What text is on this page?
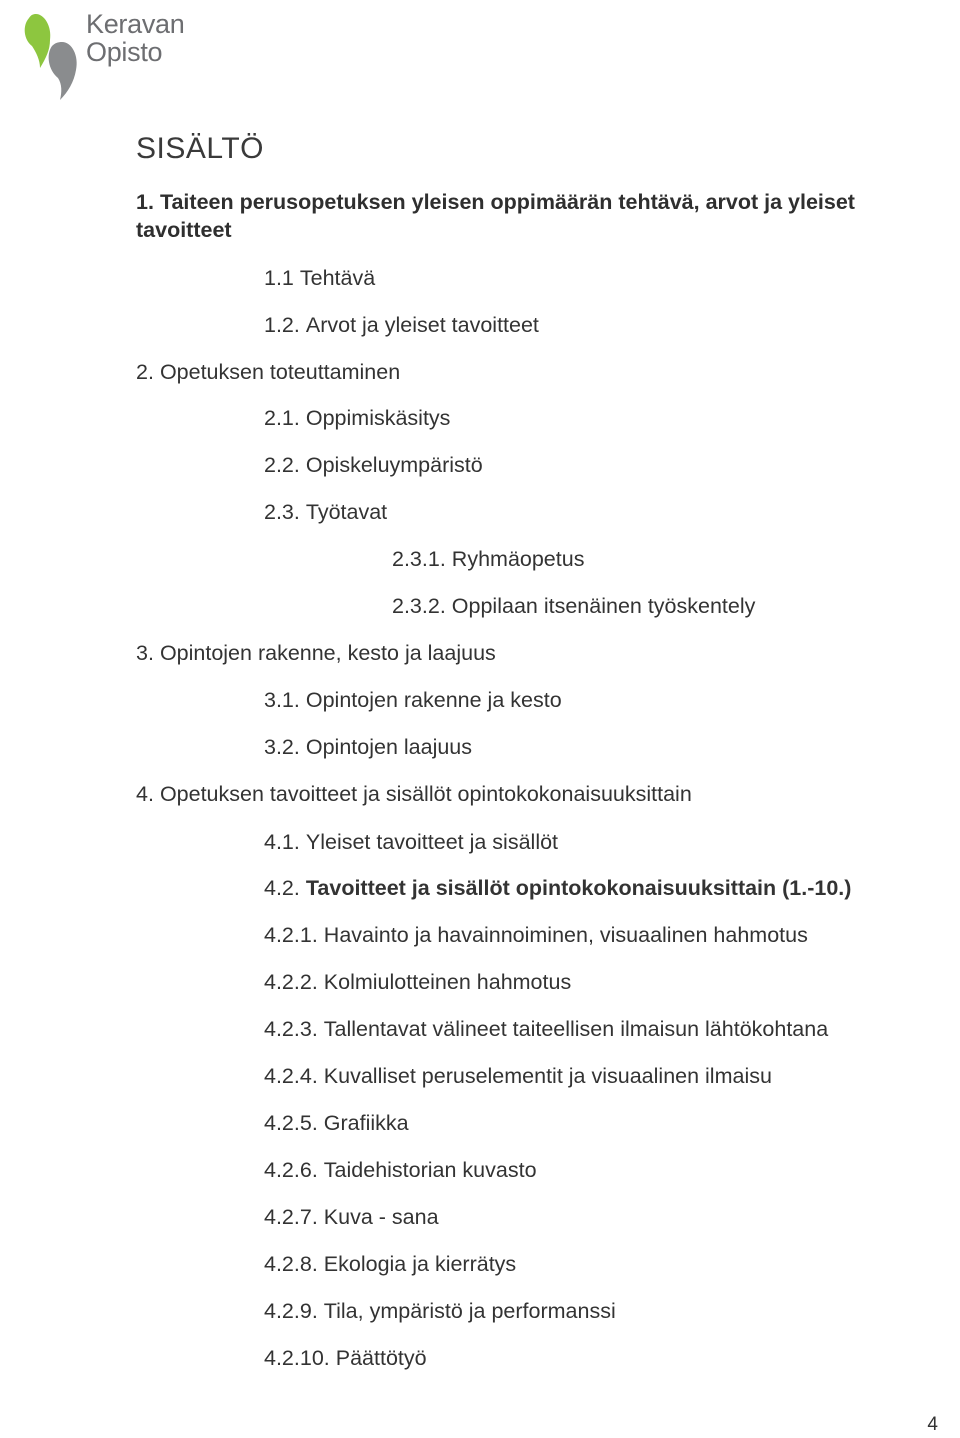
Keravan
Opisto
SISÄLTÖ
1. Taiteen perusopetuksen yleisen oppimäärän tehtävä, arvot ja yleiset tavoitteet
1.1 Tehtävä
1.2. Arvot ja yleiset tavoitteet
2. Opetuksen toteuttaminen
2.1. Oppimiskäsitys
2.2. Opiskeluympäristö
2.3. Työtavat
2.3.1. Ryhmäopetus
2.3.2. Oppilaan itsenäinen työskentely
3. Opintojen rakenne, kesto ja laajuus
3.1. Opintojen rakenne ja kesto
3.2. Opintojen laajuus
4. Opetuksen tavoitteet ja sisällöt opintokokonaisuuksittain
4.1. Yleiset tavoitteet ja sisällöt
4.2. Tavoitteet ja sisällöt opintokokonaisuuksittain (1.-10.)
4.2.1. Havainto ja havainnoiminen, visuaalinen hahmotus
4.2.2. Kolmiulotteinen hahmotus
4.2.3. Tallentavat välineet taiteellisen ilmaisun lähtökohtana
4.2.4. Kuvalliset peruselementit ja visuaalinen ilmaisu
4.2.5. Grafiikka
4.2.6. Taidehistorian kuvasto
4.2.7. Kuva - sana
4.2.8. Ekologia ja kierrätys
4.2.9. Tila, ympäristö ja performanssi
4.2.10. Päättötyö
4
